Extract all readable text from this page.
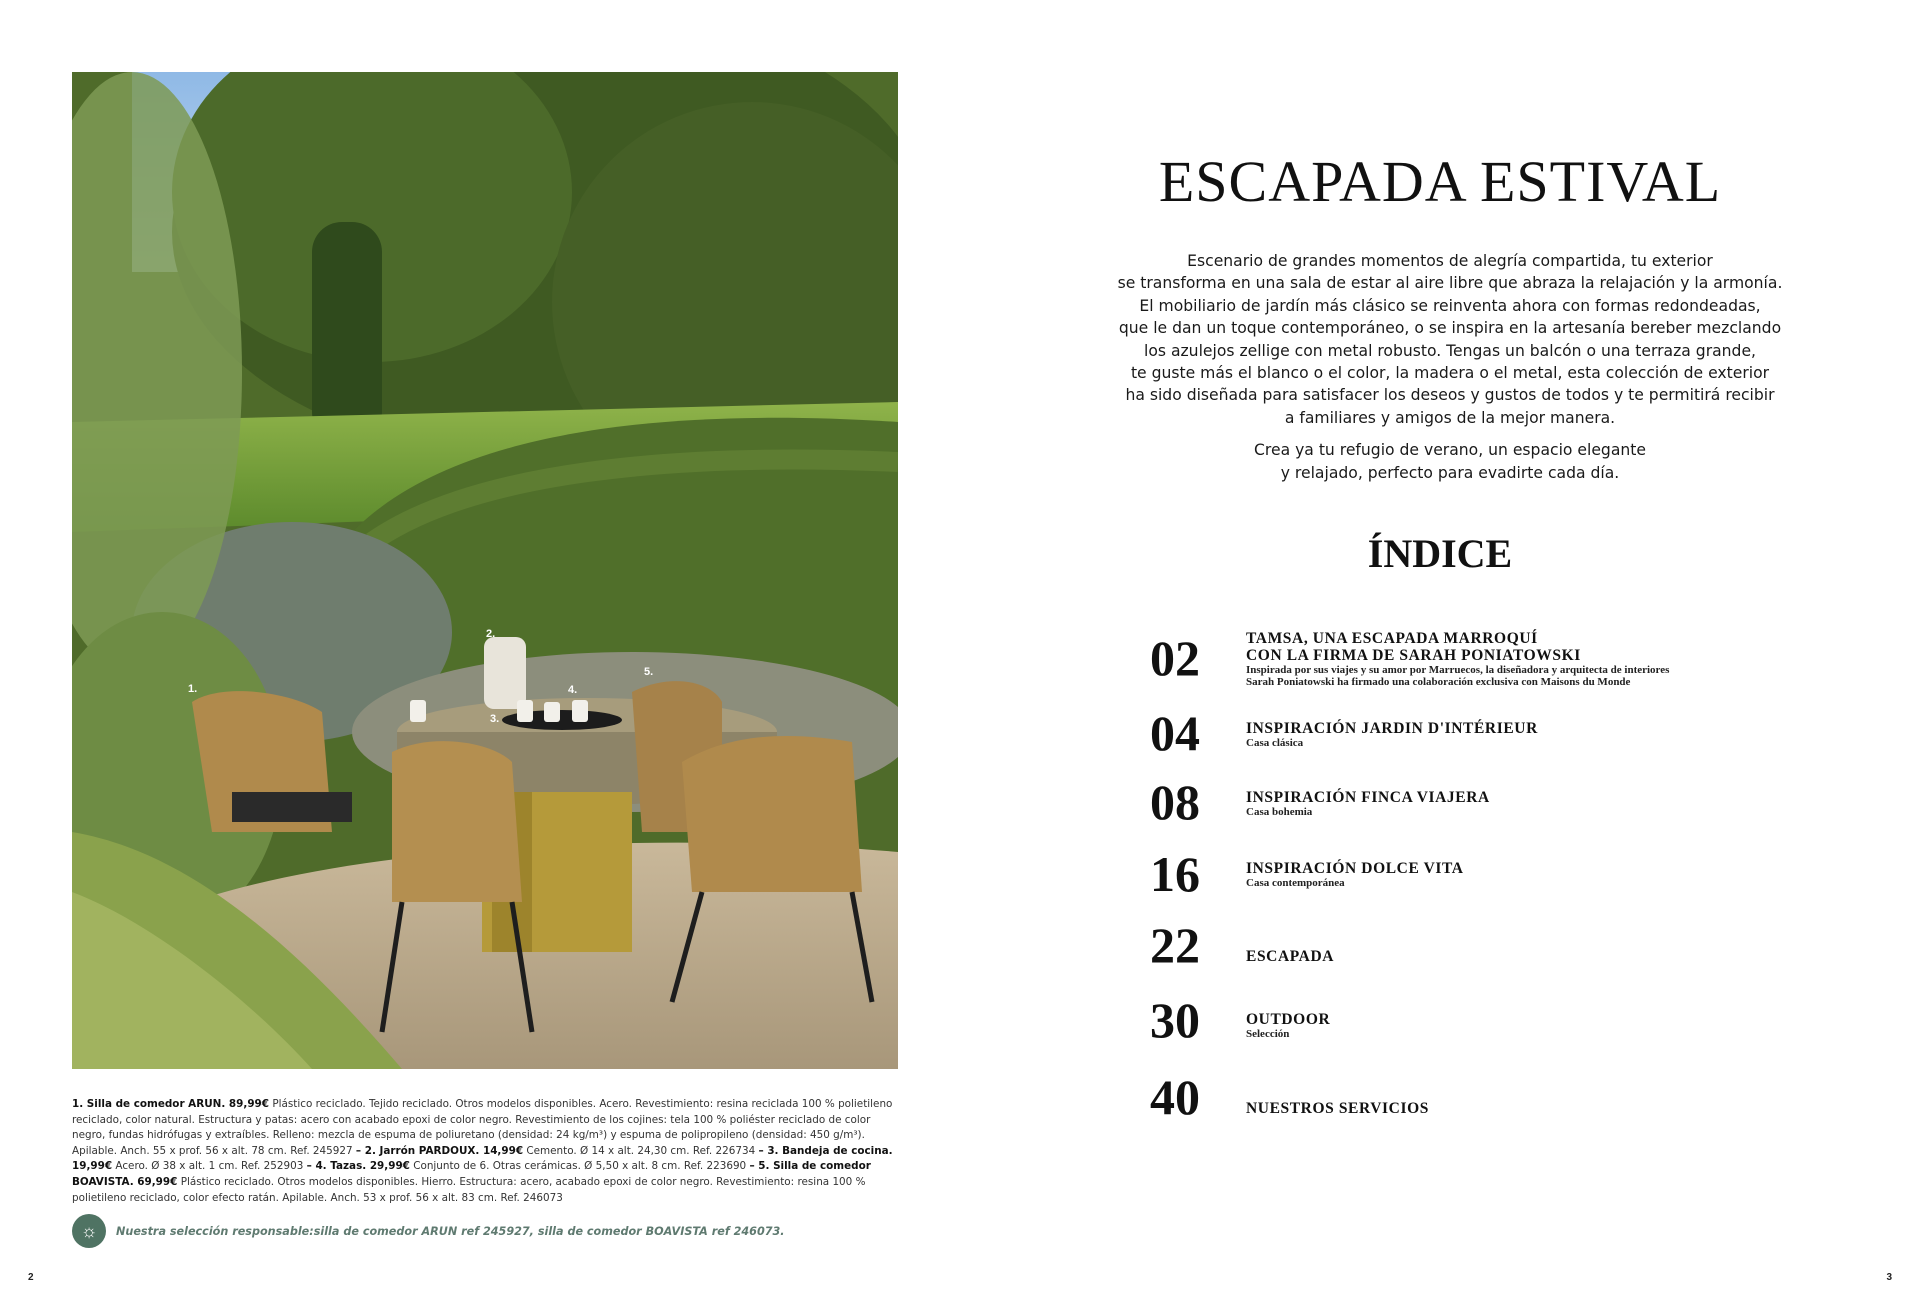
1.
2.
3.
4.
5.

1. Silla de comedor ARUN. 89,99€ Plástico reciclado. Tejido reciclado. Otros modelos disponibles. Acero. Revestimiento: resina reciclada 100 % polietileno reciclado, color natural. Estructura y patas: acero con acabado epoxi de color negro. Revestimiento de los cojines: tela 100 % poliéster reciclado de color negro, fundas hidrófugas y extraíbles. Relleno: mezcla de espuma de poliuretano (densidad: 24 kg/m³) y espuma de polipropileno (densidad: 450 g/m³). Apilable. Anch. 55 x prof. 56 x alt. 78 cm. Ref. 245927 – 2. Jarrón PARDOUX. 14,99€ Cemento. Ø 14 x alt. 24,30 cm. Ref. 226734 – 3. Bandeja de cocina. 19,99€ Acero. Ø 38 x alt. 1 cm. Ref. 252903 – 4. Tazas. 29,99€ Conjunto de 6. Otras cerámicas. Ø 5,50 x alt. 8 cm. Ref. 223690 – 5. Silla de comedor BOAVISTA. 69,99€ Plástico reciclado. Otros modelos disponibles. Hierro. Estructura: acero, acabado epoxi de color negro. Revestimiento: resina 100 % polietileno reciclado, color efecto ratán. Apilable. Anch. 53 x prof. 56 x alt. 83 cm. Ref. 246073

☼	Nuestra selección responsable:silla de comedor ARUN ref 245927, silla de comedor BOAVISTA ref 246073.
2
ESCAPADA ESTIVAL

Escenario de grandes momentos de alegría compartida, tu exterior
se transforma en una sala de estar al aire libre que abraza la relajación y la armonía.
El mobiliario de jardín más clásico se reinventa ahora con formas redondeadas,
que le dan un toque contemporáneo, o se inspira en la artesanía bereber mezclando
los azulejos zellige con metal robusto. Tengas un balcón o una terraza grande,
te guste más el blanco o el color, la madera o el metal, esta colección de exterior
ha sido diseñada para satisfacer los deseos y gustos de todos y te permitirá recibir
a familiares y amigos de la mejor manera.

Crea ya tu refugio de verano, un espacio elegante
y relajado, perfecto para evadirte cada día.

ÍNDICE
02	TAMSA, UNA ESCAPADA MARROQUÍ
CON LA FIRMA DE SARAH PONIATOWSKI
Inspirada por sus viajes y su amor por Marruecos, la diseñadora y arquitecta de interiores
Sarah Poniatowski ha firmado una colaboración exclusiva con Maisons du Monde
04	INSPIRACIÓN JARDIN D'INTÉRIEUR
Casa clásica
08	INSPIRACIÓN FINCA VIAJERA
Casa bohemia
16	INSPIRACIÓN DOLCE VITA
Casa contemporánea
22	ESCAPADA
30	OUTDOOR
Selección
40	NUESTROS SERVICIOS
3
